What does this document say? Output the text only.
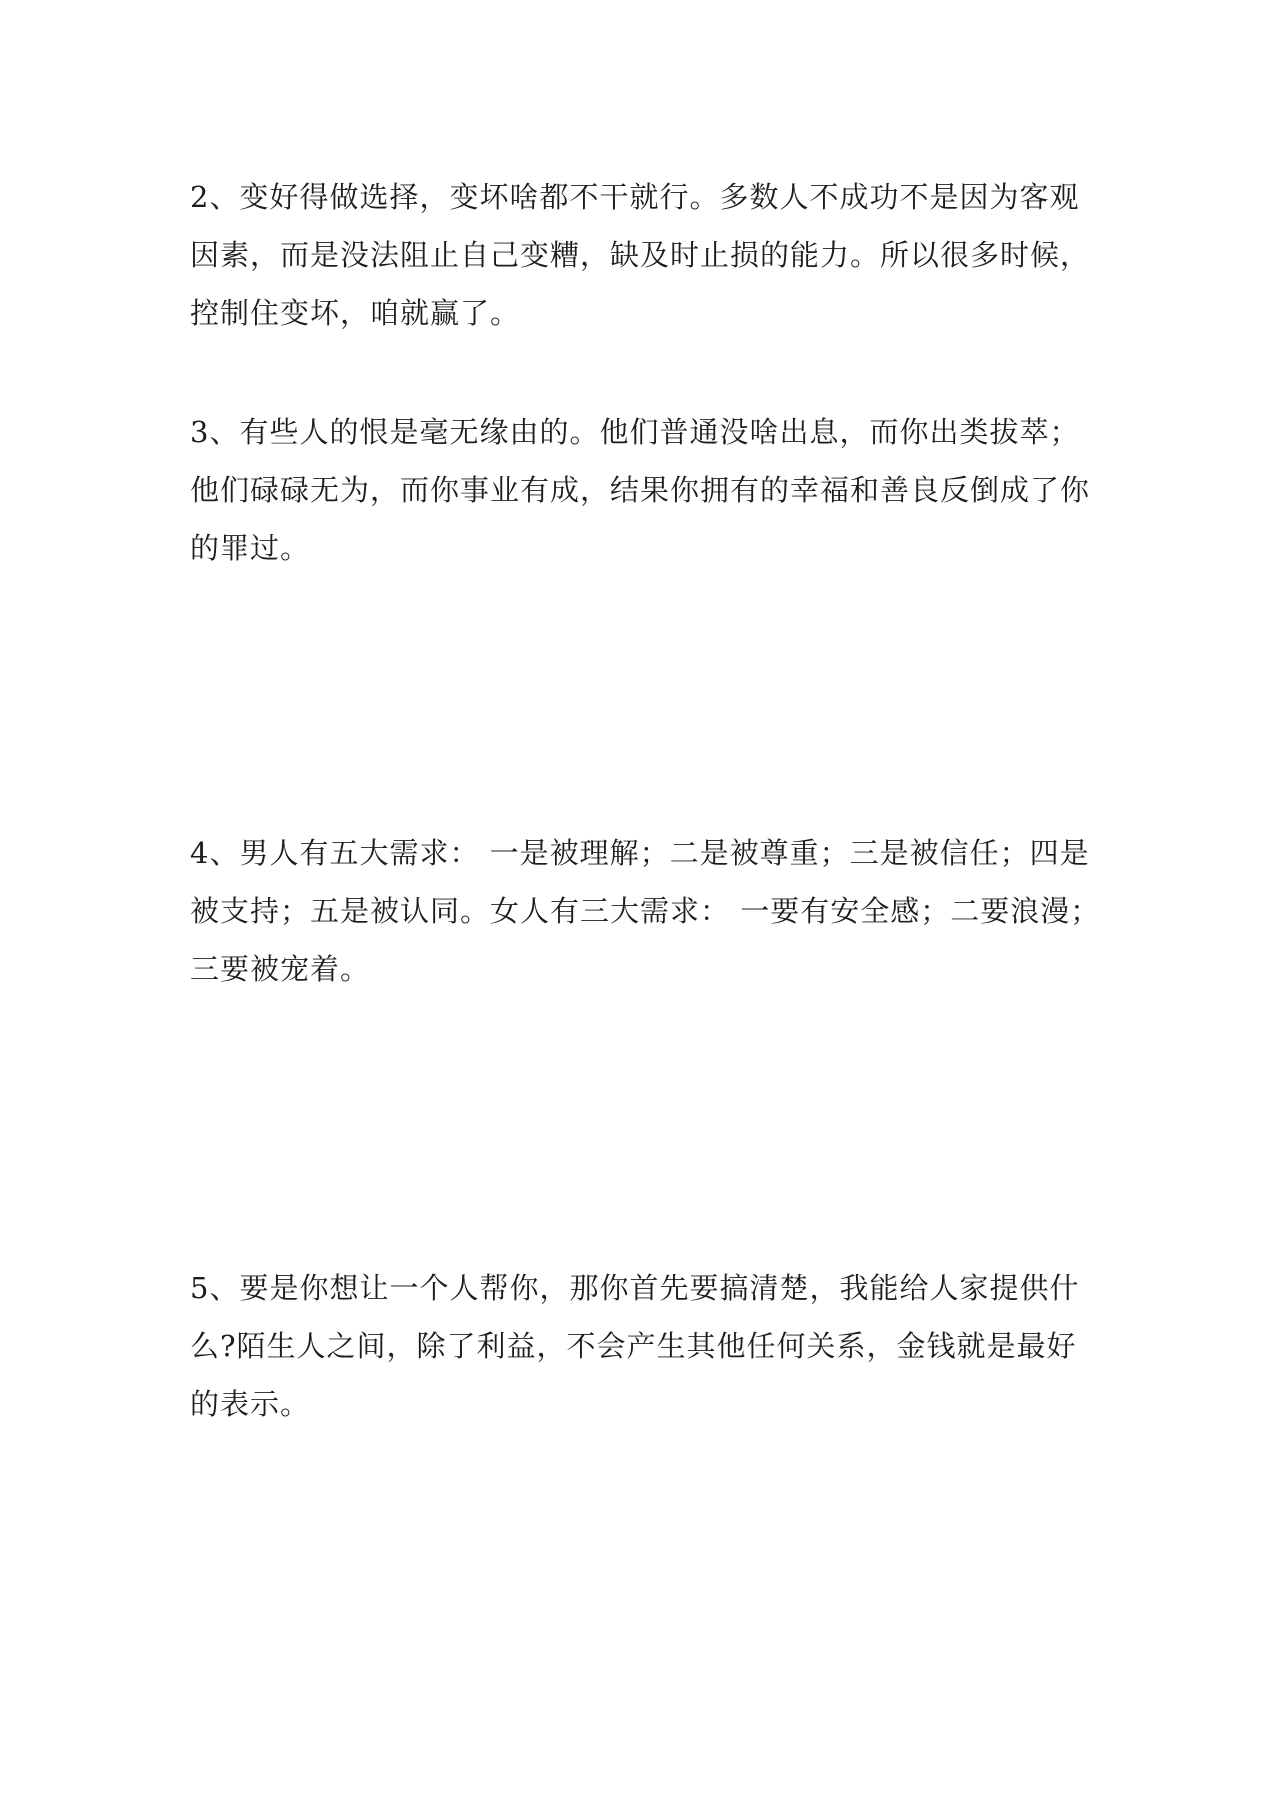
2、变好得做选择，变坏啥都不干就行。多数人不成功不是因为客观
因素，而是没法阻止自己变糟，缺及时止损的能力。所以很多时候，
控制住变坏，咱就赢了。

3、有些人的恨是毫无缘由的。他们普通没啥出息，而你出类拔萃；
他们碌碌无为，而你事业有成，结果你拥有的幸福和善良反倒成了你
的罪过。

4、男人有五大需求： 一是被理解；二是被尊重；三是被信任；四是
被支持；五是被认同。女人有三大需求： 一要有安全感；二要浪漫；
三要被宠着。

5、要是你想让一个人帮你，那你首先要搞清楚，我能给人家提供什
么?陌生人之间，除了利益，不会产生其他任何关系，金钱就是最好
的表示。
